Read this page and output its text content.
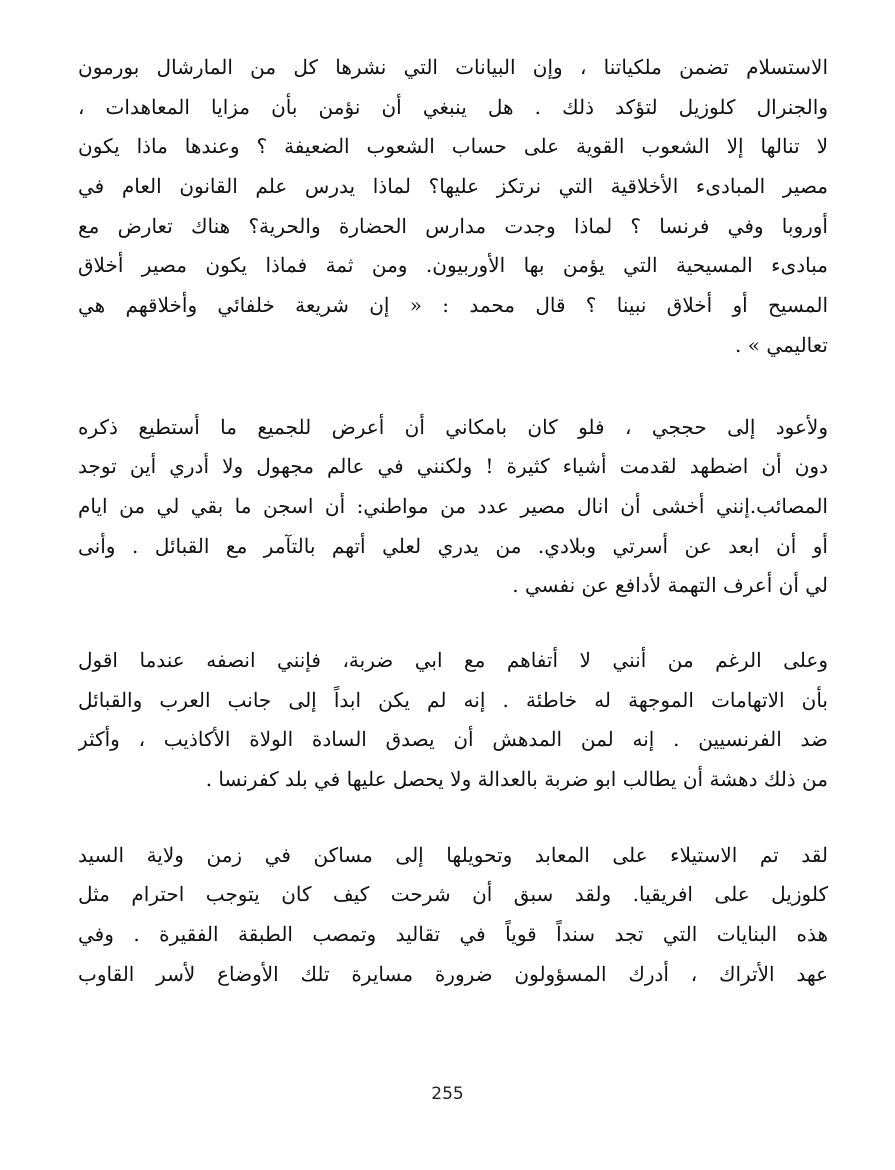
الاستسلام تضمن ملكياتنا ، وإن البيانات التي نشرها كل من المارشال بورمون
والجنرال كلوزيل لتؤكد ذلك . هل ينبغي أن نؤمن بأن مزايا المعاهدات ،
لا تنالها إلا الشعوب القوية على حساب الشعوب الضعيفة ؟ وعندها ماذا يكون
مصير المبادىء الأخلاقية التي نرتكز عليها؟ لماذا يدرس علم القانون العام في
أوروبا وفي فرنسا ؟ لماذا وجدت مدارس الحضارة والحرية؟ هناك تعارض مع
مبادىء المسيحية التي يؤمن بها الأوربيون. ومن ثمة فماذا يكون مصير أخلاق
المسيح أو أخلاق نبينا ؟ قال محمد : « إن شريعة خلفائي وأخلاقهم هي
تعاليمي » .
ولأعود إلى حججي ، فلو كان بامكاني أن أعرض للجميع ما أستطيع ذكره
دون أن اضطهد لقدمت أشياء كثيرة ! ولكنني في عالم مجهول ولا أدري أين توجد
المصائب.إنني أخشى أن انال مصير عدد من مواطني: أن اسجن ما بقي لي من ايام
أو أن ابعد عن أسرتي وبلادي. من يدري لعلي أتهم بالتآمر مع القبائل . وأنى
لي أن أعرف التهمة لأدافع عن نفسي .
وعلى الرغم من أنني لا أتفاهم مع ابي ضربة، فإنني انصفه عندما اقول
بأن الاتهامات الموجهة له خاطئة . إنه لم يكن ابداً إلى جانب العرب والقبائل
ضد الفرنسيين . إنه لمن المدهش أن يصدق السادة الولاة الأكاذيب ، وأكثر
من ذلك دهشة أن يطالب ابو ضربة بالعدالة ولا يحصل عليها في بلد كفرنسا .
لقد تم الاستيلاء على المعابد وتحويلها إلى مساكن في زمن ولاية السيد
كلوزيل على افريقيا. ولقد سبق أن شرحت كيف كان يتوجب احترام مثل
هذه البنايات التي تجد سنداً قوياً في تقاليد وتمصب الطبقة الفقيرة . وفي
عهد الأتراك ، أدرك المسؤولون ضرورة مسايرة تلك الأوضاع لأسر القاوب
255
